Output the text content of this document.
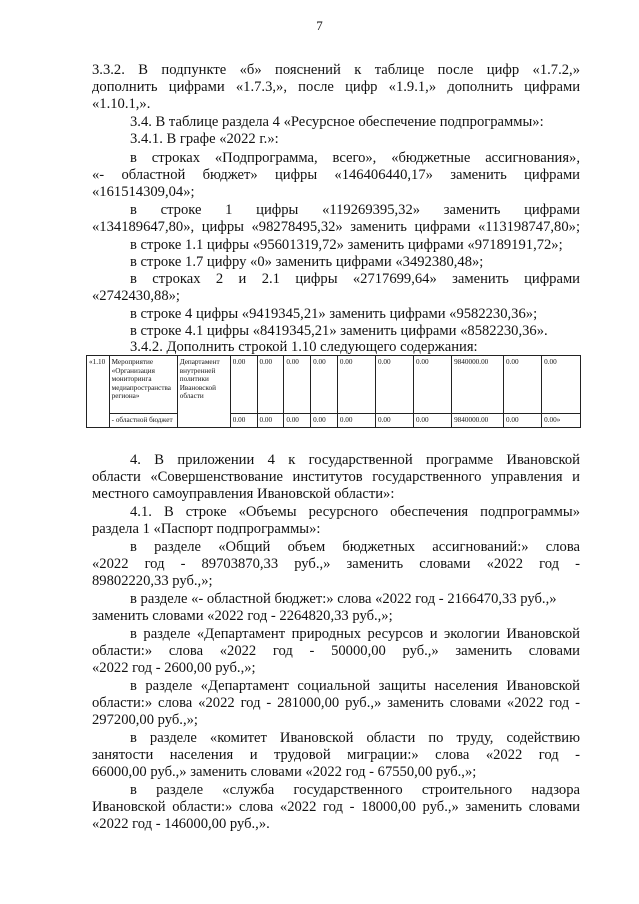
7
3.3.2. В подпункте «б» пояснений к таблице после цифр «1.7.2,»
дополнить цифрами «1.7.3,», после цифр «1.9.1,» дополнить цифрами
«1.10.1,».
3.4. В таблице раздела 4 «Ресурсное обеспечение подпрограммы»:
3.4.1. В графе «2022 г.»:
в строках «Подпрограмма, всего», «бюджетные ассигнования»,
«- областной бюджет» цифры «146406440,17» заменить цифрами
«161514309,04»;
в строке 1 цифры «119269395,32» заменить цифрами
«134189647,80», цифры «98278495,32» заменить цифрами «113198747,80»;
в строке 1.1 цифры «95601319,72» заменить цифрами «97189191,72»;
в строке 1.7 цифру «0» заменить цифрами «3492380,48»;
в строках 2 и 2.1 цифры «2717699,64» заменить цифрами
«2742430,88»;
в строке 4 цифры «9419345,21» заменить цифрами «9582230,36»;
в строке 4.1 цифры «8419345,21» заменить цифрами «8582230,36».
3.4.2. Дополнить строкой 1.10 следующего содержания:
«1.10	Мероприятие «Организация мониторинга медиапространства региона»	Департамент внутренней политики Ивановской области	0.00	0.00	0.00	0.00	0.00	0.00	0.00	9840000.00	0.00	0.00
	- областной бюджет		0.00	0.00	0.00	0.00	0.00	0.00	0.00	9840000.00	0.00	0.00»
4. В приложении 4 к государственной программе Ивановской
области «Совершенствование институтов государственного управления и
местного самоуправления Ивановской области»:
4.1. В строке «Объемы ресурсного обеспечения подпрограммы»
раздела 1 «Паспорт подпрограммы»:
в разделе «Общий объем бюджетных ассигнований:» слова
«2022 год - 89703870,33 руб.,» заменить словами «2022 год -
89802220,33 руб.,»;
в разделе «- областной бюджет:» слова «2022 год - 2166470,33 руб.,»
заменить словами «2022 год - 2264820,33 руб.,»;
в разделе «Департамент природных ресурсов и экологии Ивановской
области:» слова «2022 год - 50000,00 руб.,» заменить словами
«2022 год - 2600,00 руб.,»;
в разделе «Департамент социальной защиты населения Ивановской
области:» слова «2022 год - 281000,00 руб.,» заменить словами «2022 год -
297200,00 руб.,»;
в разделе «комитет Ивановской области по труду, содействию
занятости населения и трудовой миграции:» слова «2022 год -
66000,00 руб.,» заменить словами «2022 год - 67550,00 руб.,»;
в разделе «служба государственного строительного надзора
Ивановской области:» слова «2022 год - 18000,00 руб.,» заменить словами
«2022 год - 146000,00 руб.,».
